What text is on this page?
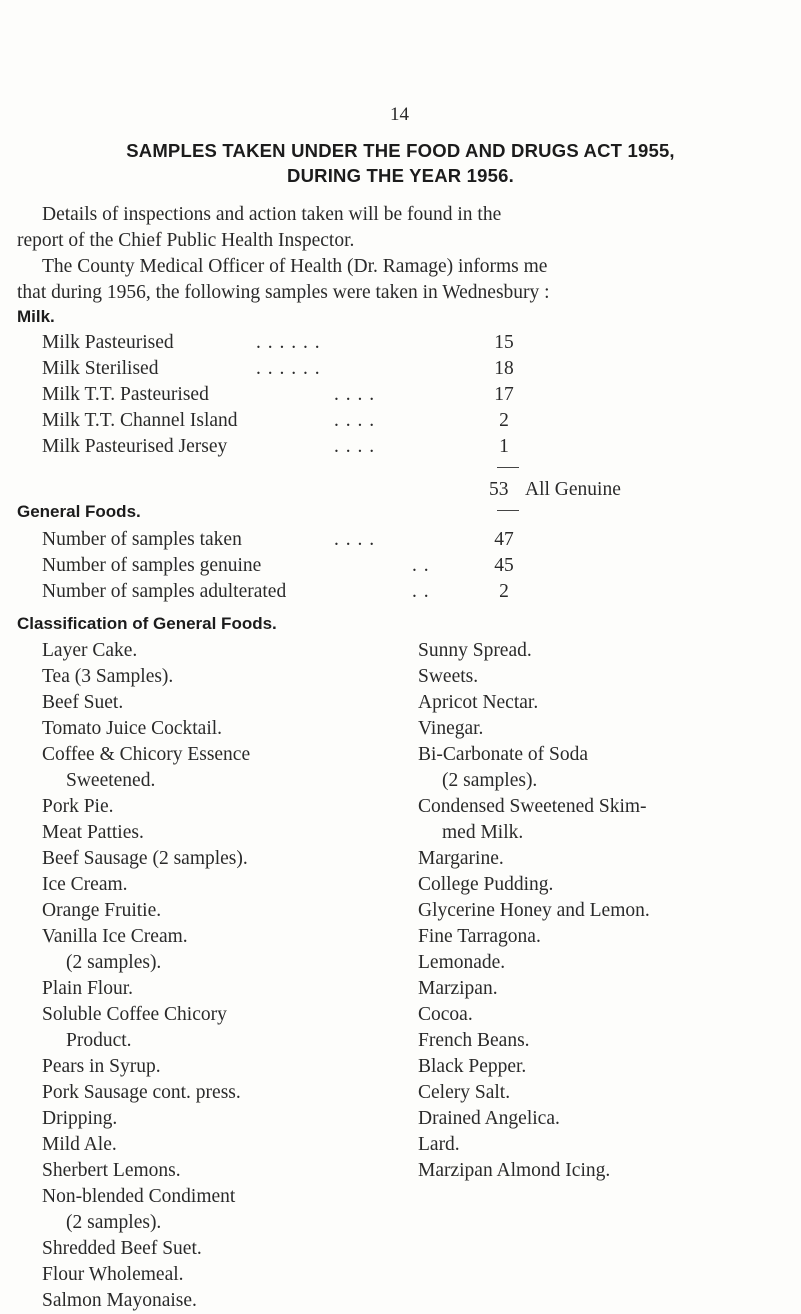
14
SAMPLES TAKEN UNDER THE FOOD AND DRUGS ACT 1955,
DURING THE YEAR 1956.
Details of inspections and action taken will be found in the
report of the Chief Public Health Inspector.
The County Medical Officer of Health (Dr. Ramage) informs me
that during 1956, the following samples were taken in Wednesbury :
Milk.
Milk Pasteurised	. . . . . .	15
Milk Sterilised	. . . . . .	18
Milk T.T. Pasteurised	. . . .	17
Milk T.T. Channel Island	. . . .	2
Milk Pasteurised Jersey	. . . .	1
53 All Genuine
General Foods.
Number of samples taken	. . . .	47
Number of samples genuine	. .	45
Number of samples adulterated	. .	2
Classification of General Foods.
Layer Cake.
Tea (3 Samples).
Beef Suet.
Tomato Juice Cocktail.
Coffee & Chicory Essence
Sweetened.
Pork Pie.
Meat Patties.
Beef Sausage (2 samples).
Ice Cream.
Orange Fruitie.
Vanilla Ice Cream.
(2 samples).
Plain Flour.
Soluble Coffee Chicory
Product.
Pears in Syrup.
Pork Sausage cont. press.
Dripping.
Mild Ale.
Sherbert Lemons.
Non-blended Condiment
(2 samples).
Shredded Beef Suet.
Flour Wholemeal.
Salmon Mayonaise.
Sunny Spread.
Sweets.
Apricot Nectar.
Vinegar.
Bi-Carbonate of Soda
(2 samples).
Condensed Sweetened Skim-
med Milk.
Margarine.
College Pudding.
Glycerine Honey and Lemon.
Fine Tarragona.
Lemonade.
Marzipan.
Cocoa.
French Beans.
Black Pepper.
Celery Salt.
Drained Angelica.
Lard.
Marzipan Almond Icing.
